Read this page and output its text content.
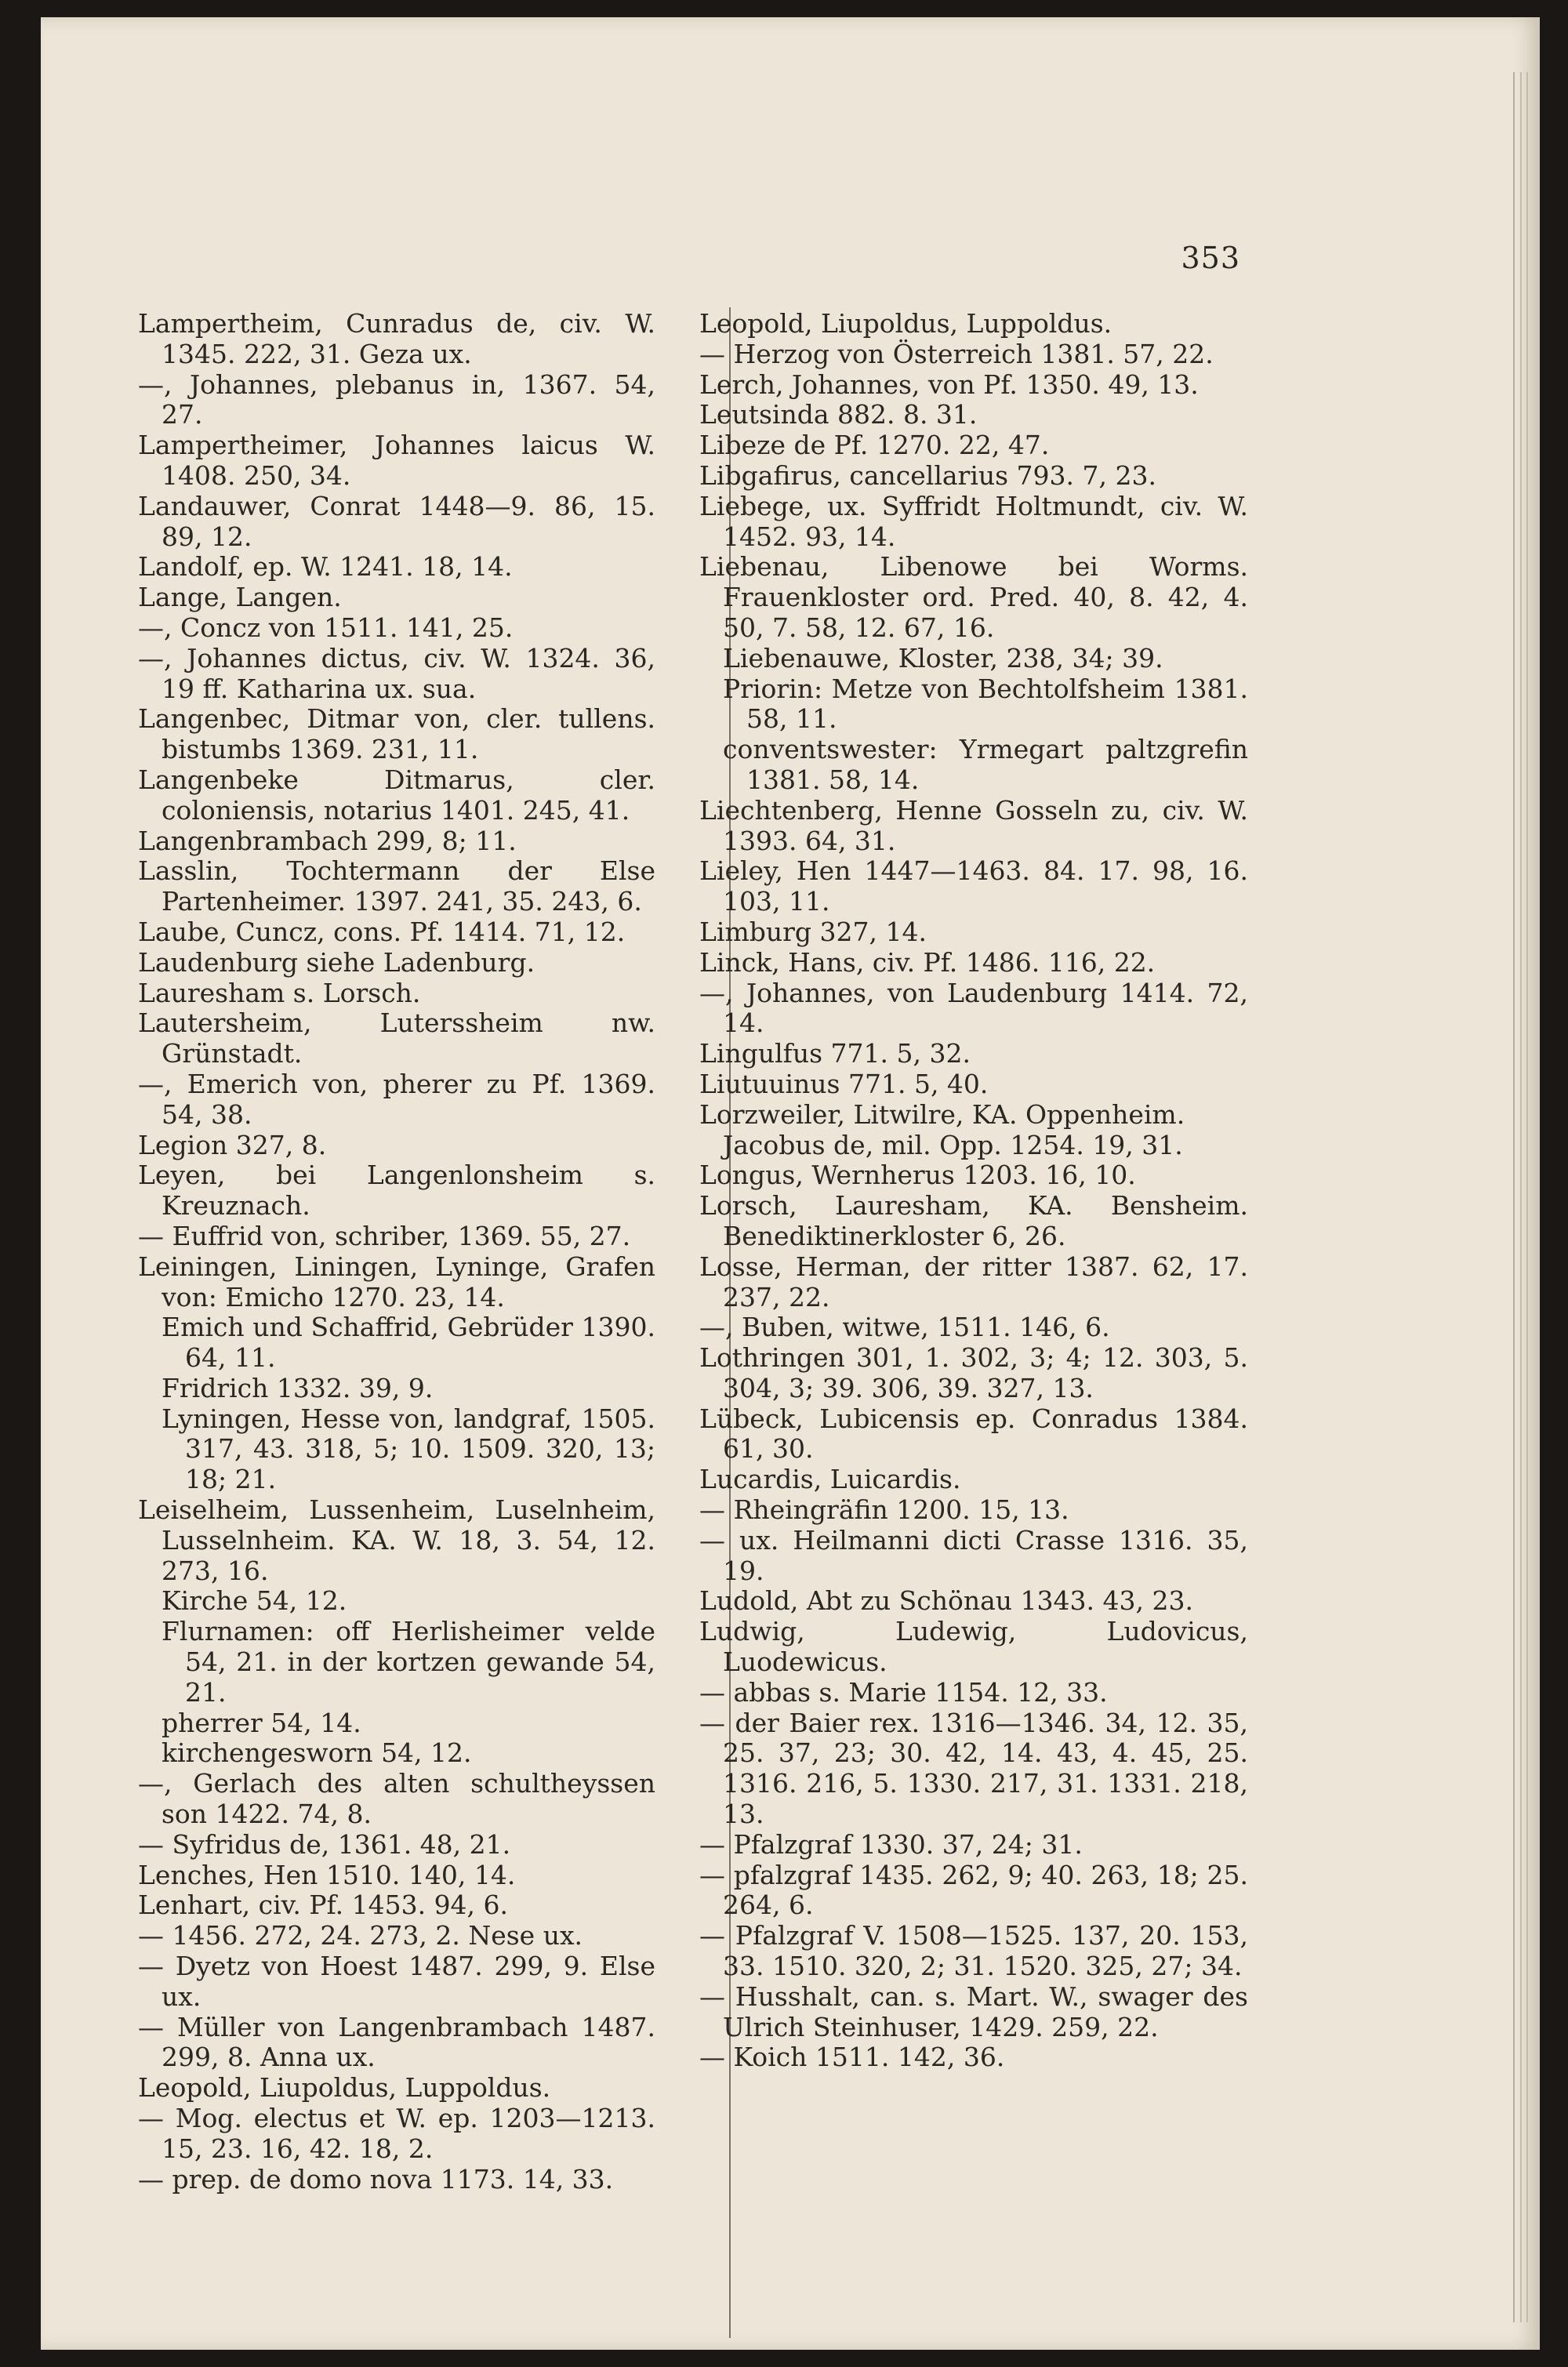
353
Lampertheim, Cunradus de, civ. W. 1345. 222, 31. Geza ux.
—, Johannes, plebanus in, 1367. 54, 27.
Lampertheimer, Johannes laicus W. 1408. 250, 34.
Landauwer, Conrat 1448—9. 86, 15. 89, 12.
Landolf, ep. W. 1241. 18, 14.
Lange, Langen.
—, Concz von 1511. 141, 25.
—, Johannes dictus, civ. W. 1324. 36, 19 ff. Katharina ux. sua.
Langenbec, Ditmar von, cler. tullens. bistumbs 1369. 231, 11.
Langenbeke Ditmarus, cler. coloniensis, notarius 1401. 245, 41.
Langenbrambach 299, 8; 11.
Lasslin, Tochtermann der Else Partenheimer. 1397. 241, 35. 243, 6.
Laube, Cuncz, cons. Pf. 1414. 71, 12.
Laudenburg siehe Ladenburg.
Lauresham s. Lorsch.
Lautersheim, Luterssheim nw. Grünstadt.
—, Emerich von, pherer zu Pf. 1369. 54, 38.
Legion 327, 8.
Leyen, bei Langenlonsheim s. Kreuznach.
— Euffrid von, schriber, 1369. 55, 27.
Leiningen, Liningen, Lyninge, Grafen von: Emicho 1270. 23, 14.
Emich und Schaffrid, Gebrüder 1390. 64, 11.
Fridrich 1332. 39, 9.
Lyningen, Hesse von, landgraf, 1505. 317, 43. 318, 5; 10. 1509. 320, 13; 18; 21.
Leiselheim, Lussenheim, Luselnheim, Lusselnheim. KA. W. 18, 3. 54, 12. 273, 16.
Kirche 54, 12.
Flurnamen: off Herlisheimer velde 54, 21. in der kortzen gewande 54, 21.
pherrer 54, 14.
kirchengesworn 54, 12.
—, Gerlach des alten schultheyssen son 1422. 74, 8.
— Syfridus de, 1361. 48, 21.
Lenches, Hen 1510. 140, 14.
Lenhart, civ. Pf. 1453. 94, 6.
— 1456. 272, 24. 273, 2. Nese ux.
— Dyetz von Hoest 1487. 299, 9. Else ux.
— Müller von Langenbrambach 1487. 299, 8. Anna ux.
Leopold, Liupoldus, Luppoldus.
— Mog. electus et W. ep. 1203—1213. 15, 23. 16, 42. 18, 2.
— prep. de domo nova 1173. 14, 33.
Leopold, Liupoldus, Luppoldus.
— Herzog von Österreich 1381. 57, 22.
Lerch, Johannes, von Pf. 1350. 49, 13.
Leutsinda 882. 8. 31.
Libeze de Pf. 1270. 22, 47.
Libgafirus, cancellarius 793. 7, 23.
Liebege, ux. Syffridt Holtmundt, civ. W. 1452. 93, 14.
Liebenau, Libenowe bei Worms. Frauenkloster ord. Pred. 40, 8. 42, 4. 50, 7. 58, 12. 67, 16.
Liebenauwe, Kloster, 238, 34; 39.
Priorin: Metze von Bechtolfsheim 1381. 58, 11.
conventswester: Yrmegart paltzgrefin 1381. 58, 14.
Liechtenberg, Henne Gosseln zu, civ. W. 1393. 64, 31.
Lieley, Hen 1447—1463. 84. 17. 98, 16. 103, 11.
Limburg 327, 14.
Linck, Hans, civ. Pf. 1486. 116, 22.
—, Johannes, von Laudenburg 1414. 72, 14.
Lingulfus 771. 5, 32.
Liutuuinus 771. 5, 40.
Lorzweiler, Litwilre, KA. Oppenheim.
Jacobus de, mil. Opp. 1254. 19, 31.
Longus, Wernherus 1203. 16, 10.
Lorsch, Lauresham, KA. Bensheim. Benediktinerkloster 6, 26.
Losse, Herman, der ritter 1387. 62, 17. 237, 22.
—, Buben, witwe, 1511. 146, 6.
Lothringen 301, 1. 302, 3; 4; 12. 303, 5. 304, 3; 39. 306, 39. 327, 13.
Lübeck, Lubicensis ep. Conradus 1384. 61, 30.
Lucardis, Luicardis.
— Rheingräfin 1200. 15, 13.
— ux. Heilmanni dicti Crasse 1316. 35, 19.
Ludold, Abt zu Schönau 1343. 43, 23.
Ludwig, Ludewig, Ludovicus, Luodewicus.
— abbas s. Marie 1154. 12, 33.
— der Baier rex. 1316—1346. 34, 12. 35, 25. 37, 23; 30. 42, 14. 43, 4. 45, 25. 1316. 216, 5. 1330. 217, 31. 1331. 218, 13.
— Pfalzgraf 1330. 37, 24; 31.
— pfalzgraf 1435. 262, 9; 40. 263, 18; 25. 264, 6.
— Pfalzgraf V. 1508—1525. 137, 20. 153, 33. 1510. 320, 2; 31. 1520. 325, 27; 34.
— Husshalt, can. s. Mart. W., swager des Ulrich Steinhuser, 1429. 259, 22.
— Koich 1511. 142, 36.
